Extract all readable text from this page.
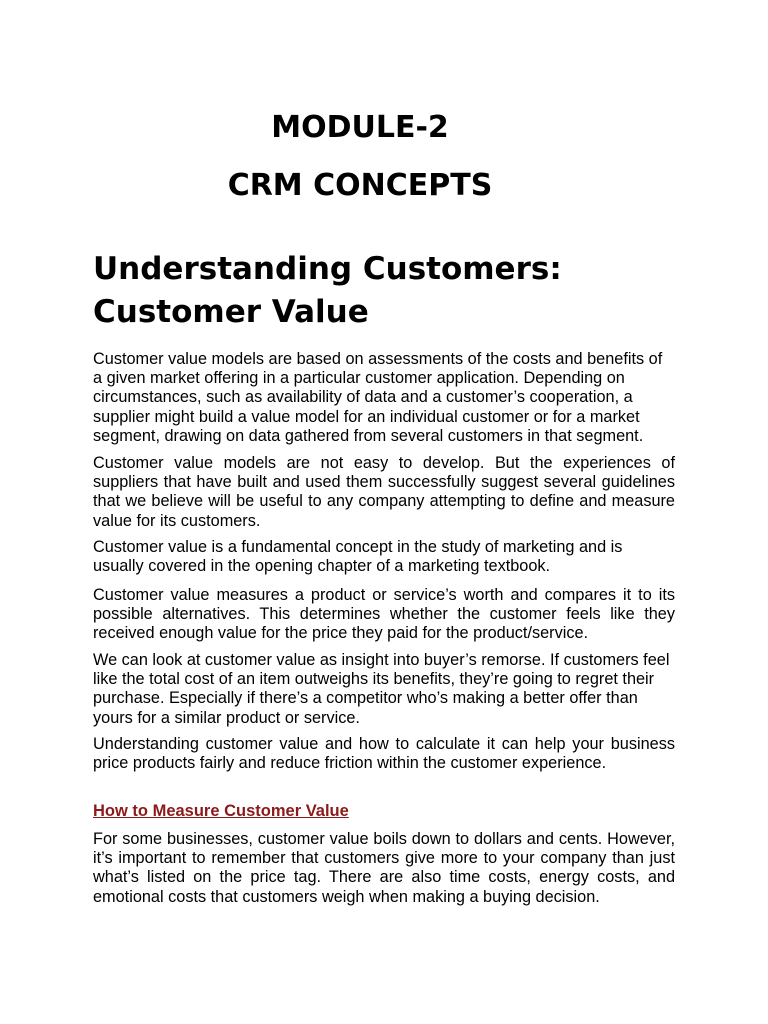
MODULE-2
CRM CONCEPTS
Understanding Customers: Customer Value

Customer value models are based on assessments of the costs and benefits of a given market offering in a particular customer application. Depending on circumstances, such as availability of data and a customer’s cooperation, a supplier might build a value model for an individual customer or for a market segment, drawing on data gathered from several customers in that segment.

Customer value models are not easy to develop. But the experiences of suppliers that have built and used them successfully suggest several guidelines that we believe will be useful to any company attempting to define and measure value for its customers.

Customer value is a fundamental concept in the study of marketing and is usually covered in the opening chapter of a marketing textbook.

Customer value measures a product or service’s worth and compares it to its possible alternatives. This determines whether the customer feels like they received enough value for the price they paid for the product/service.

We can look at customer value as insight into buyer’s remorse. If customers feel like the total cost of an item outweighs its benefits, they’re going to regret their purchase. Especially if there’s a competitor who’s making a better offer than yours for a similar product or service.

Understanding customer value and how to calculate it can help your business price products fairly and reduce friction within the customer experience.

How to Measure Customer Value

For some businesses, customer value boils down to dollars and cents. However, it’s important to remember that customers give more to your company than just what’s listed on the price tag. There are also time costs, energy costs, and emotional costs that customers weigh when making a buying decision.
